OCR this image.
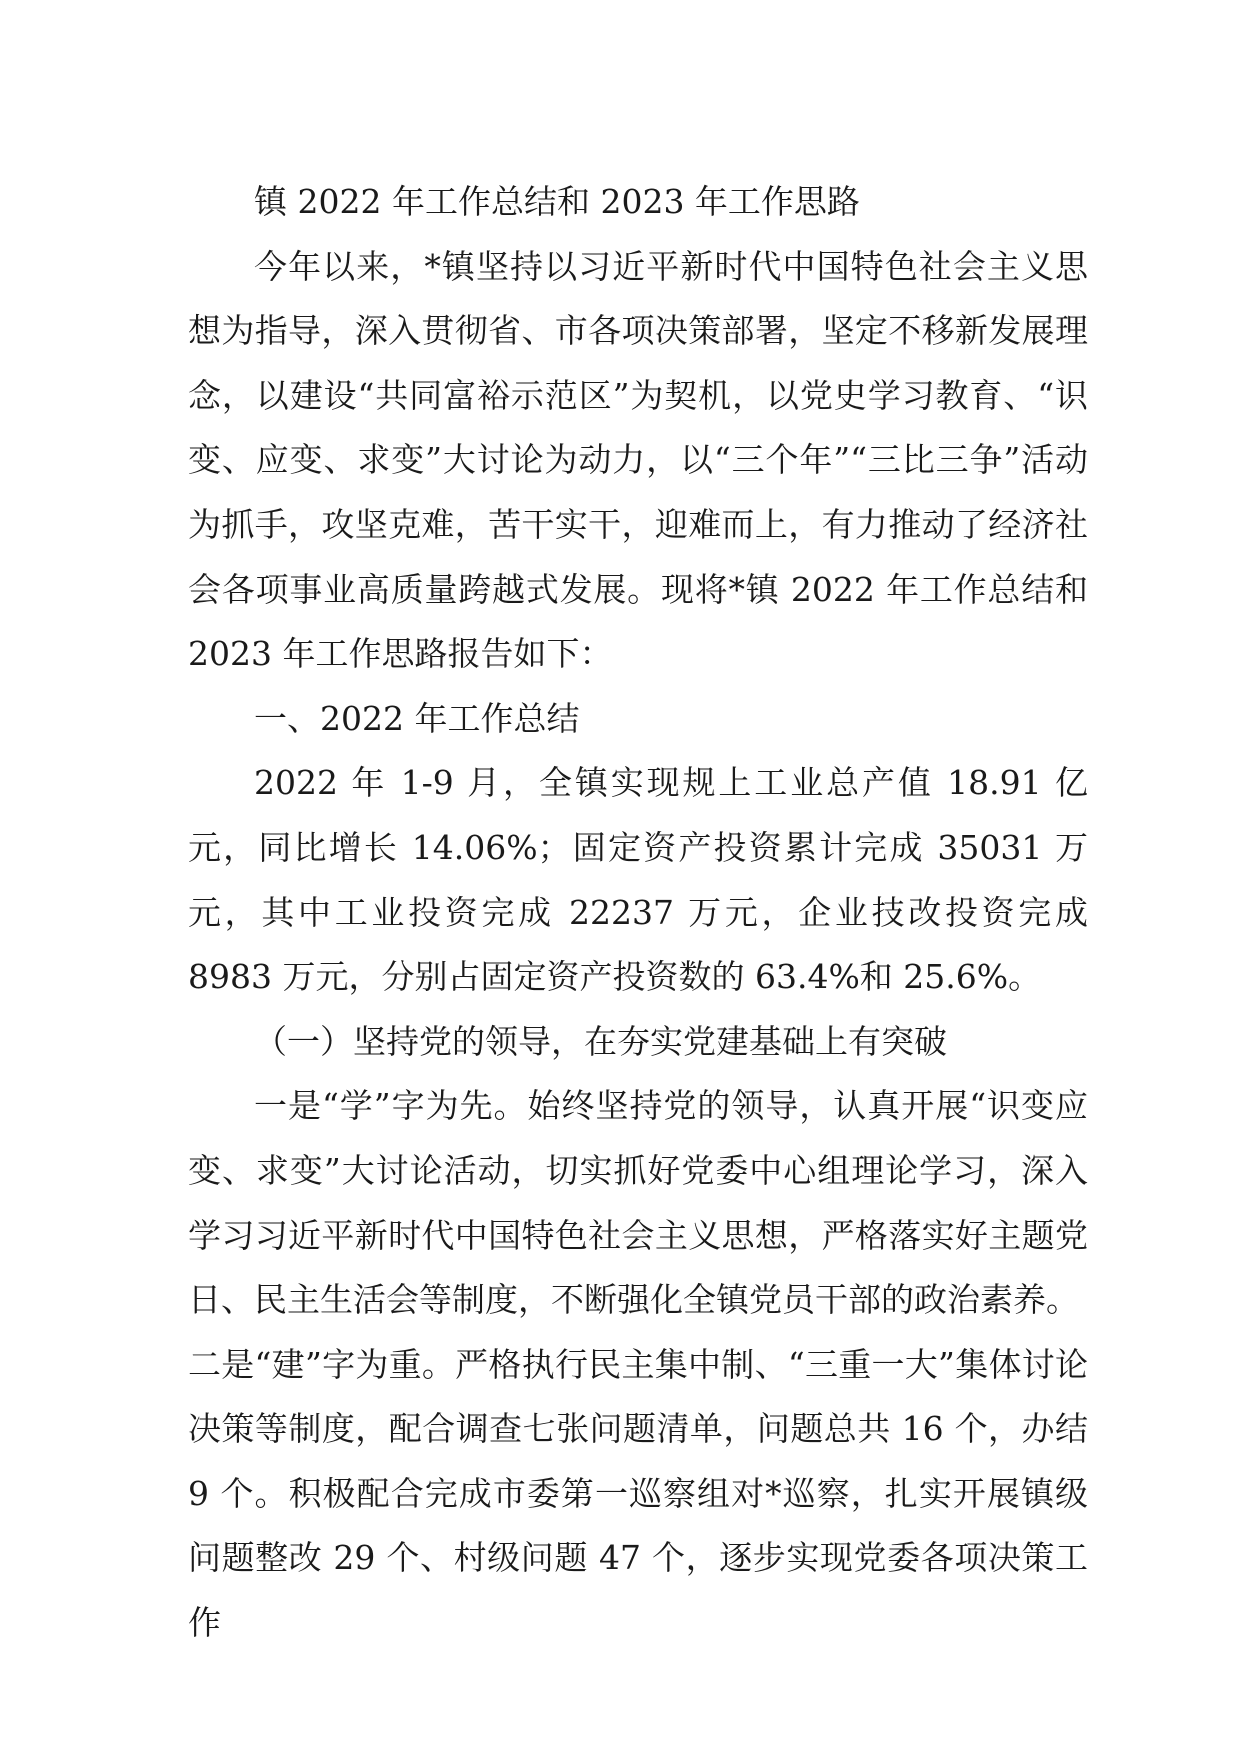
镇 2022 年工作总结和 2023 年工作思路

今年以来，*镇坚持以习近平新时代中国特色社会主义思想为指导，深入贯彻省、市各项决策部署，坚定不移新发展理念，以建设“共同富裕示范区”为契机，以党史学习教育、“识变、应变、求变”大讨论为动力，以“三个年”“三比三争”活动为抓手，攻坚克难，苦干实干，迎难而上，有力推动了经济社会各项事业高质量跨越式发展。现将*镇 2022 年工作总结和 2023 年工作思路报告如下：

一、2022 年工作总结

2022 年 1-9 月，全镇实现规上工业总产值 18.91 亿元，同比增长 14.06%；固定资产投资累计完成 35031 万元，其中工业投资完成 22237 万元，企业技改投资完成 8983 万元，分别占固定资产投资数的 63.4%和 25.6%。

（一）坚持党的领导，在夯实党建基础上有突破

一是“学”字为先。始终坚持党的领导，认真开展“识变应变、求变”大讨论活动，切实抓好党委中心组理论学习，深入学习习近平新时代中国特色社会主义思想，严格落实好主题党日、民主生活会等制度，不断强化全镇党员干部的政治素养。

二是“建”字为重。严格执行民主集中制、“三重一大”集体讨论决策等制度，配合调查七张问题清单，问题总共 16 个，办结 9 个。积极配合完成市委第一巡察组对*巡察，扎实开展镇级问题整改 29 个、村级问题 47 个，逐步实现党委各项决策工作
